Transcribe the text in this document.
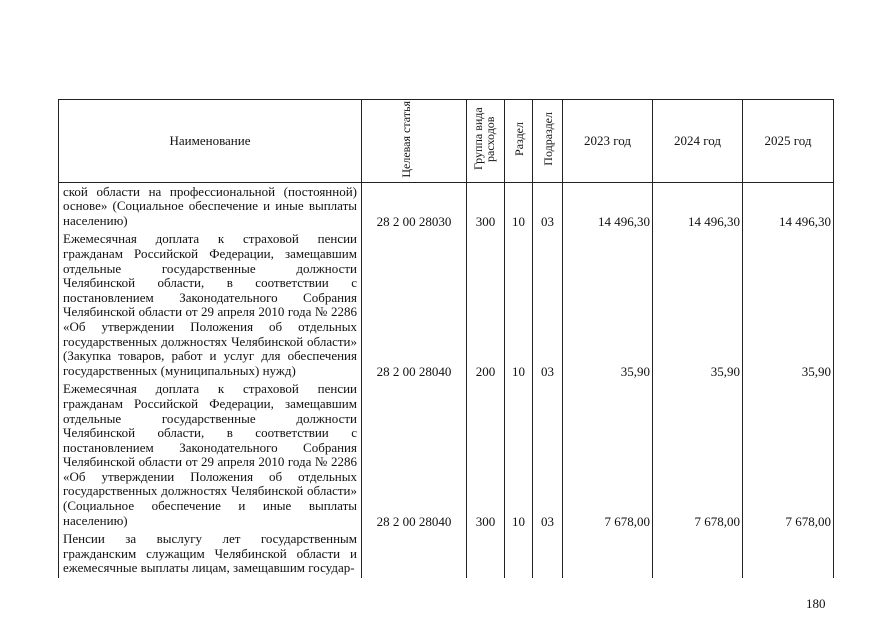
Наименование	Целевая статья	Группа вида расходов	Раздел	Подраздел	2023 год	2024 год	2025 год
ской области на профессиональной (постоянной) основе» (Социальное обеспечение и иные выплаты населению)	28 2 00 28030	300	10	03	14 496,30	14 496,30	14 496,30
Ежемесячная доплата к страховой пенсии гражданам Российской Федерации, замещавшим отдельные государственные должности Челябинской области, в соответствии с постановлением Законодательного Собрания Челябинской области от 29 апреля 2010 года № 2286 «Об утверждении Положения об отдельных государственных должностях Челябинской области» (Закупка товаров, работ и услуг для обеспечения государственных (муниципальных) нужд)	28 2 00 28040	200	10	03	35,90	35,90	35,90
Ежемесячная доплата к страховой пенсии гражданам Российской Федерации, замещавшим отдельные государственные должности Челябинской области, в соответствии с постановлением Законодательного Собрания Челябинской области от 29 апреля 2010 года № 2286 «Об утверждении Положения об отдельных государственных должностях Челябинской области» (Социальное обеспечение и иные выплаты населению)	28 2 00 28040	300	10	03	7 678,00	7 678,00	7 678,00
Пенсии за выслугу лет государственным гражданским служащим Челябинской области и ежемесячные выплаты лицам, замещавшим государ-							
180
